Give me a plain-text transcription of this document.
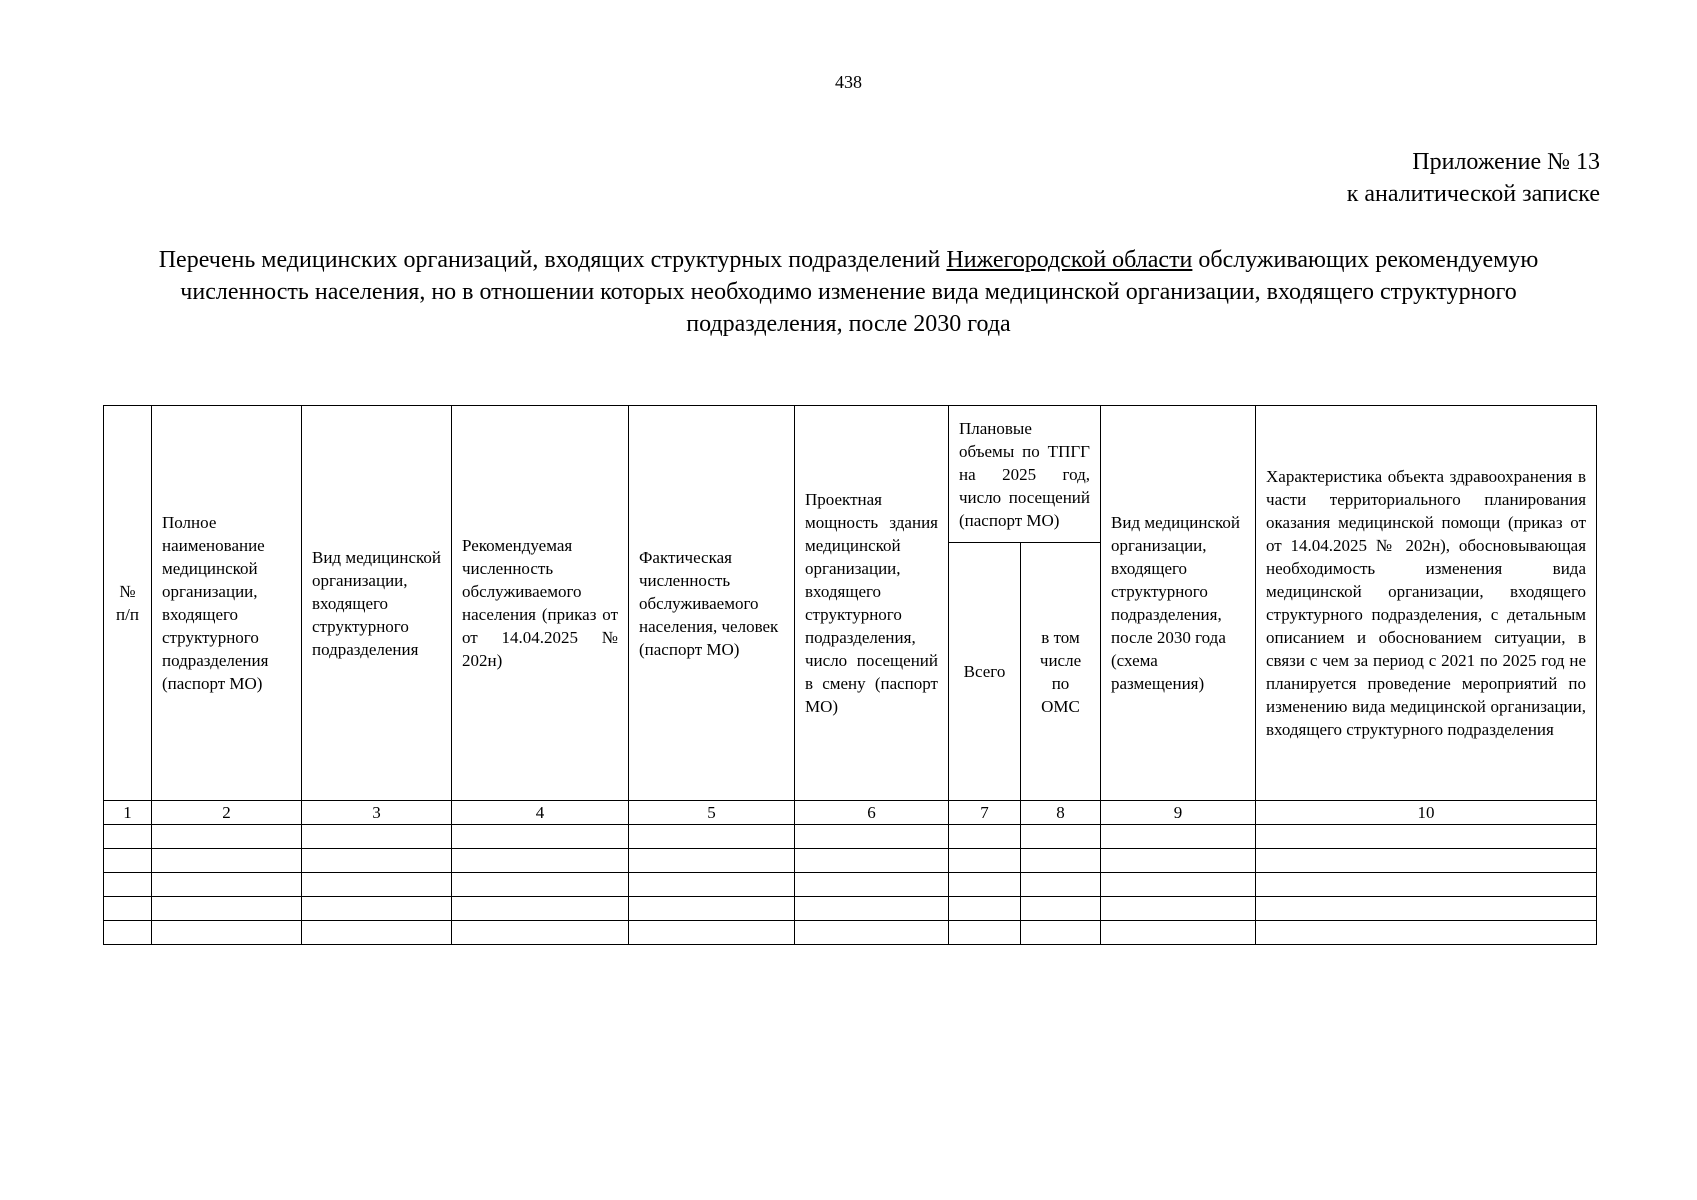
438
Приложение № 13
к аналитической записке
Перечень медицинских организаций, входящих структурных подразделений Нижегородской области обслуживающих рекомендуемую численность населения, но в отношении которых необходимо изменение вида медицинской организации, входящего структурного подразделения, после 2030 года
№ п/п	Полное наименование медицинской организации, входящего структурного подразделения (паспорт МО)	Вид медицинской организации, входящего структурного подразделения	Рекомендуемая численность обслуживаемого населения (приказ от от 14.04.2025 № 202н)	Фактическая численность обслуживаемого населения, человек (паспорт МО)	Проектная мощность здания медицинской организации, входящего структурного подразделения, число посещений в смену (паспорт МО)	Плановые объемы по ТПГГ на 2025 год, число посещений (паспорт МО)		Вид медицинской организации, входящего структурного подразделения, после 2030 года (схема размещения)	Характеристика объекта здравоохранения в части территориального планирования оказания медицинской помощи (приказ от от 14.04.2025 № 202н), обосновывающая необходимость изменения вида медицинской организации, входящего структурного подразделения, с детальным описанием и обоснованием ситуации, в связи с чем за период с 2021 по 2025 год не планируется проведение мероприятий по изменению вида медицинской организации, входящего структурного подразделения
						Всего	в том числе по ОМС		
1	2	3	4	5	6	7	8	9	10
